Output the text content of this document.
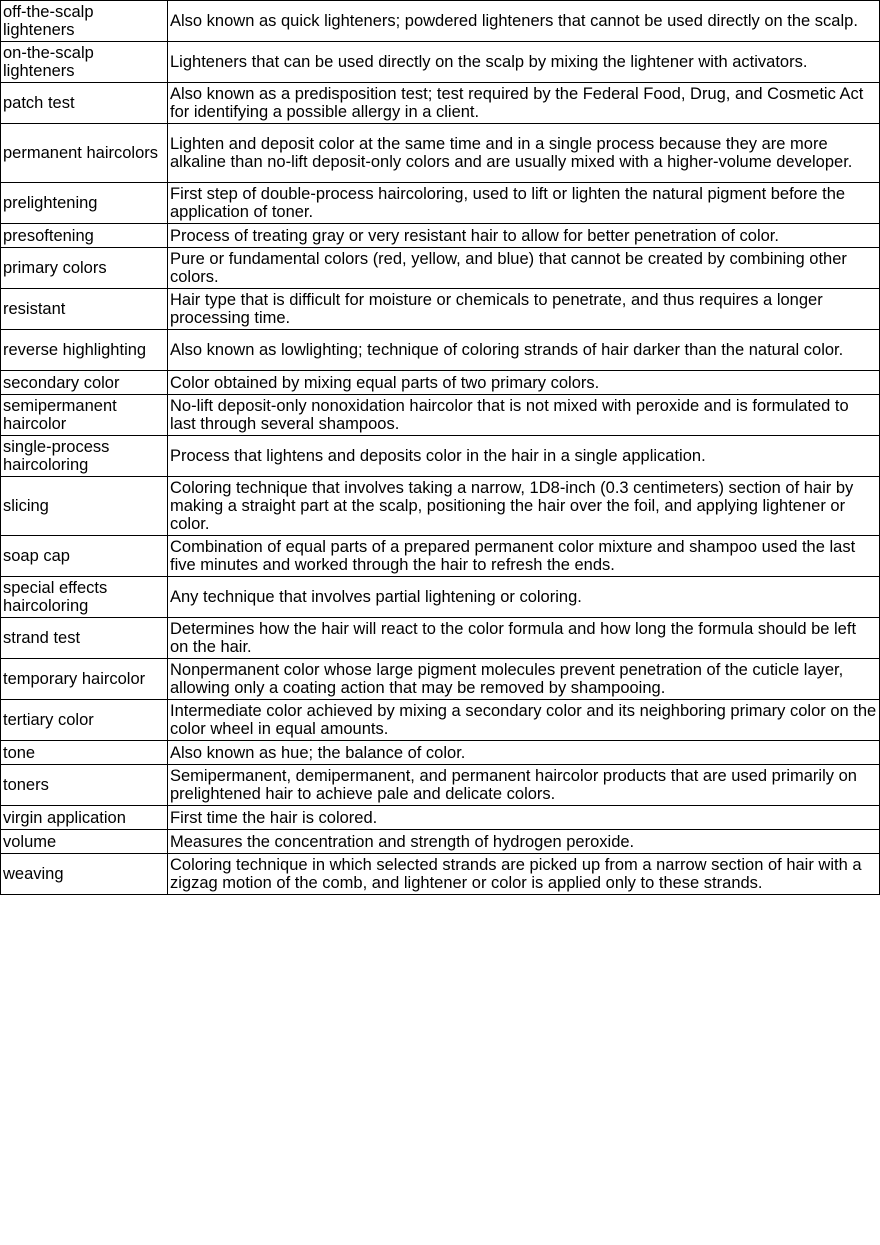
off-the-scalp lighteners	Also known as quick lighteners; powdered lighteners that cannot be used directly on the scalp.
on-the-scalp lighteners	Lighteners that can be used directly on the scalp by mixing the lightener with activators.
patch test	Also known as a predisposition test; test required by the Federal Food, Drug, and Cosmetic Act for identifying a possible allergy in a client.
permanent haircolors	Lighten and deposit color at the same time and in a single process because they are more alkaline than no-lift deposit-only colors and are usually mixed with a higher-volume developer.
prelightening	First step of double-process haircoloring, used to lift or lighten the natural pigment before the application of toner.
presoftening	Process of treating gray or very resistant hair to allow for better penetration of color.
primary colors	Pure or fundamental colors (red, yellow, and blue) that cannot be created by combining other colors.
resistant	Hair type that is difficult for moisture or chemicals to penetrate, and thus requires a longer processing time.
reverse highlighting	Also known as lowlighting; technique of coloring strands of hair darker than the natural color.
secondary color	Color obtained by mixing equal parts of two primary colors.
semipermanent haircolor	No-lift deposit-only nonoxidation haircolor that is not mixed with peroxide and is formulated to last through several shampoos.
single-process haircoloring	Process that lightens and deposits color in the hair in a single application.
slicing	Coloring technique that involves taking a narrow, 1D8-inch (0.3 centimeters) section of hair by making a straight part at the scalp, positioning the hair over the foil, and applying lightener or color.
soap cap	Combination of equal parts of a prepared permanent color mixture and shampoo used the last five minutes and worked through the hair to refresh the ends.
special effects haircoloring	Any technique that involves partial lightening or coloring.
strand test	Determines how the hair will react to the color formula and how long the formula should be left on the hair.
temporary haircolor	Nonpermanent color whose large pigment molecules prevent penetration of the cuticle layer, allowing only a coating action that may be removed by shampooing.
tertiary color	Intermediate color achieved by mixing a secondary color and its neighboring primary color on the color wheel in equal amounts.
tone	Also known as hue; the balance of color.
toners	Semipermanent, demipermanent, and permanent haircolor products that are used primarily on prelightened hair to achieve pale and delicate colors.
virgin application	First time the hair is colored.
volume	Measures the concentration and strength of hydrogen peroxide.
weaving	Coloring technique in which selected strands are picked up from a narrow section of hair with a zigzag motion of the comb, and lightener or color is applied only to these strands.
